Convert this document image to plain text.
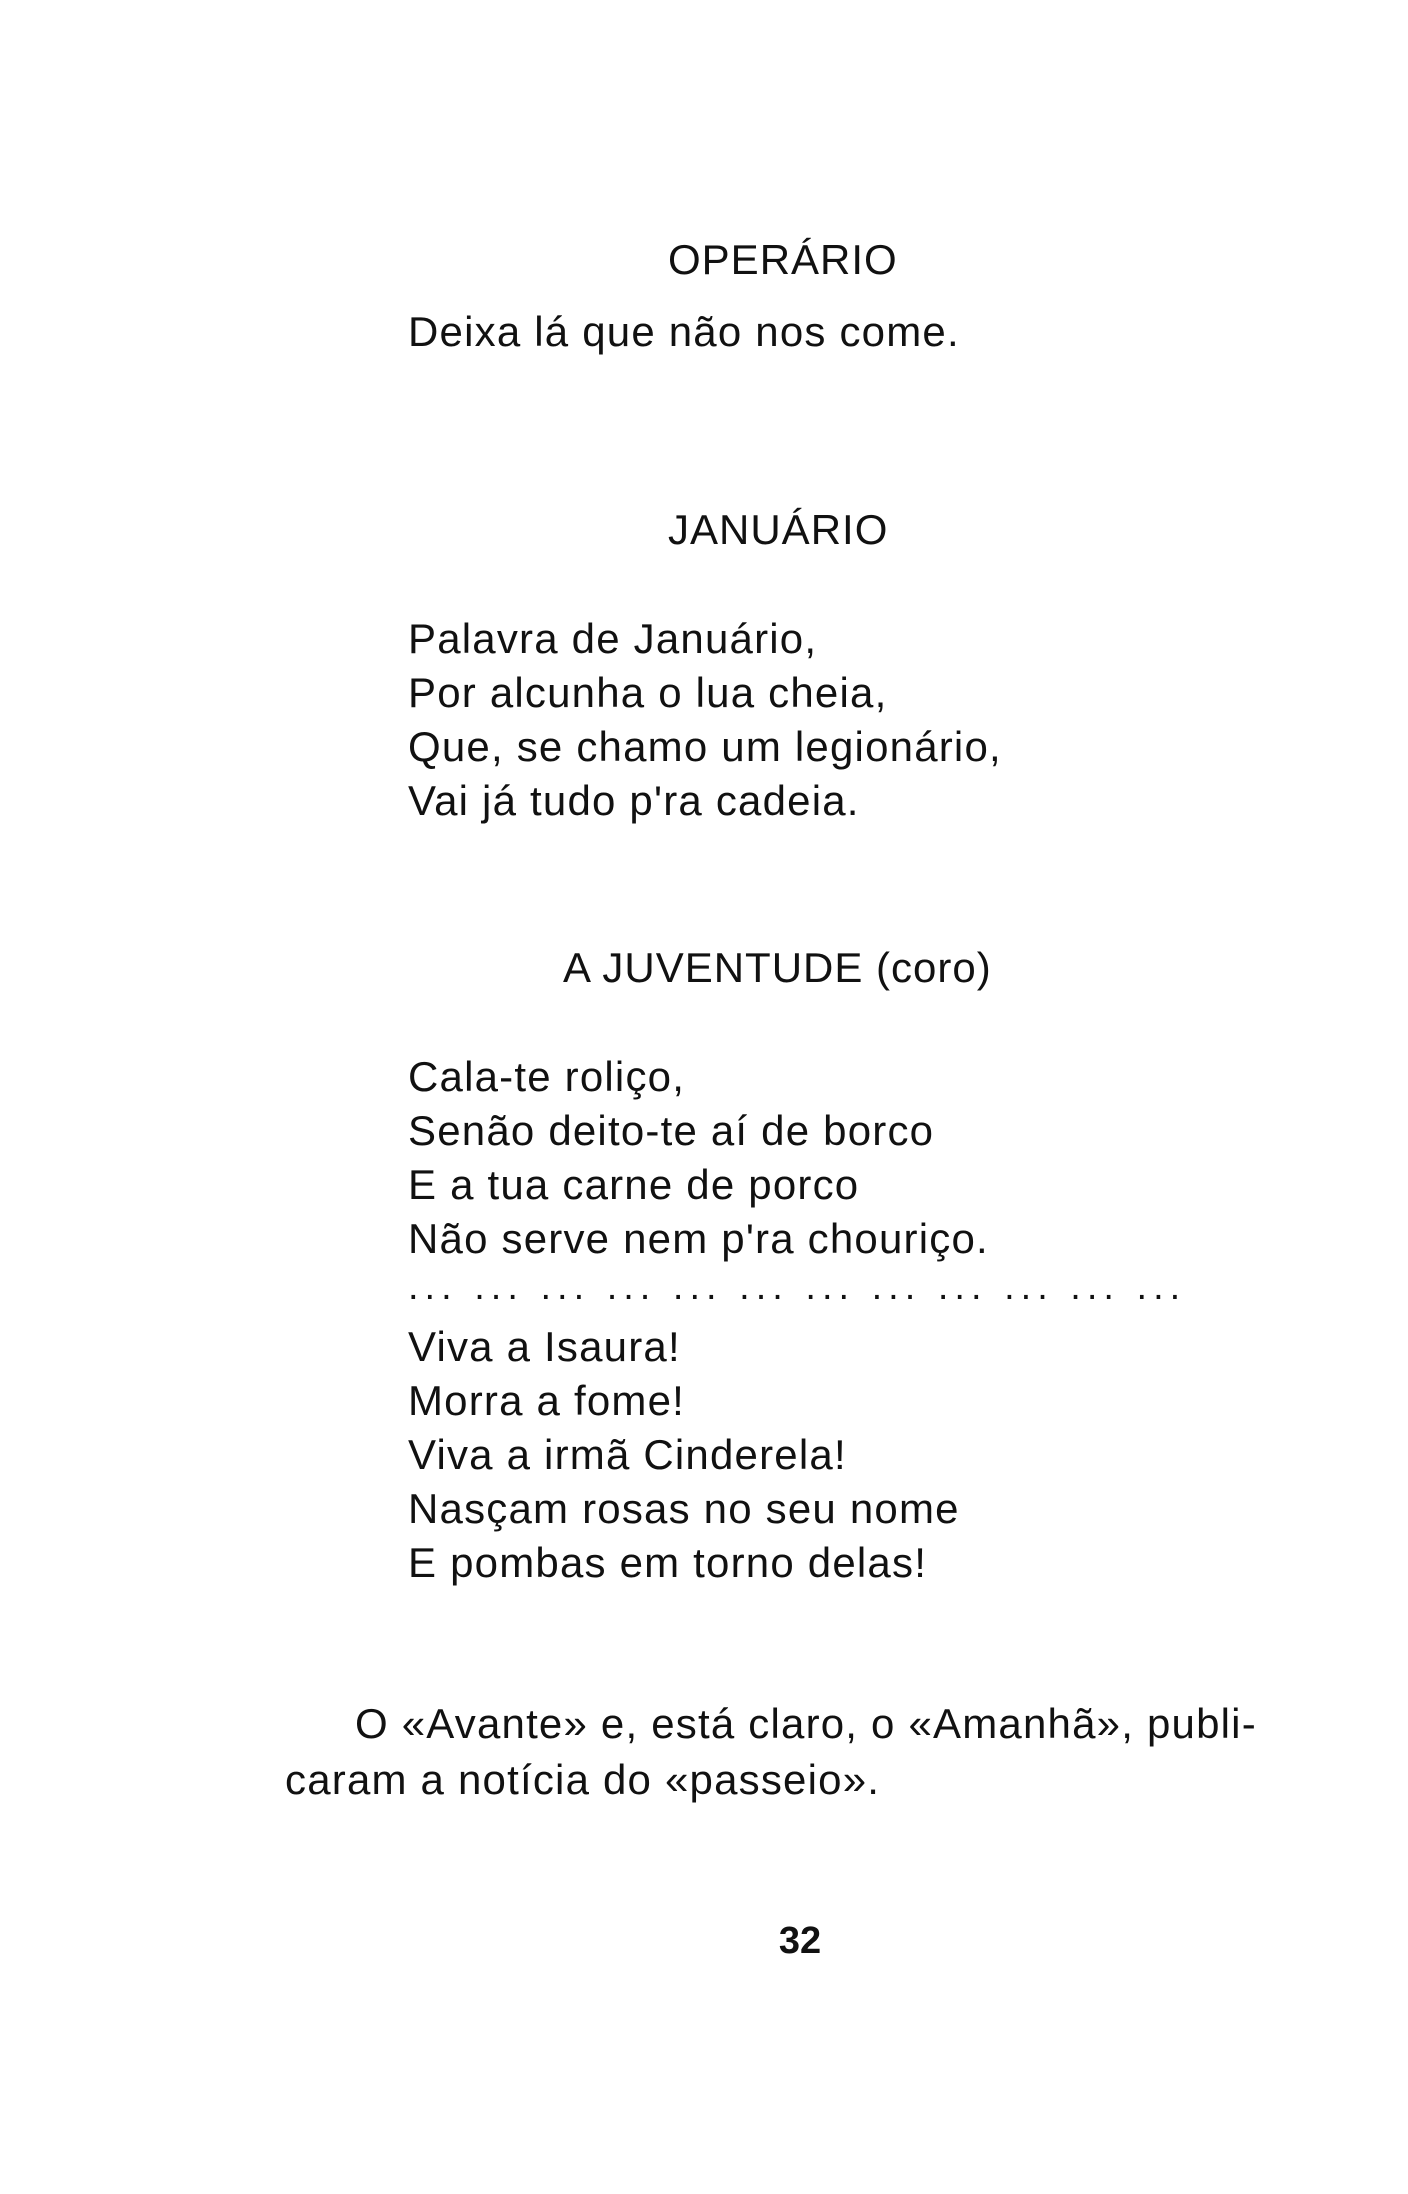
OPERÁRIO
Deixa lá que não nos come.
JANUÁRIO
Palavra de Januário,
Por alcunha o lua cheia,
Que, se chamo um legionário,
Vai já tudo p'ra cadeia.
A JUVENTUDE (coro)
Cala-te roliço,
Senão deito-te aí de borco
E a tua carne de porco
Não serve nem p'ra chouriço.
... ... ... ... ... ... ... ... ... ... ... ...
Viva a Isaura!
Morra a fome!
Viva a irmã Cinderela!
Nasçam rosas no seu nome
E pombas em torno delas!
O «Avante» e, está claro, o «Amanhã», publi-
caram a notícia do «passeio».
32
